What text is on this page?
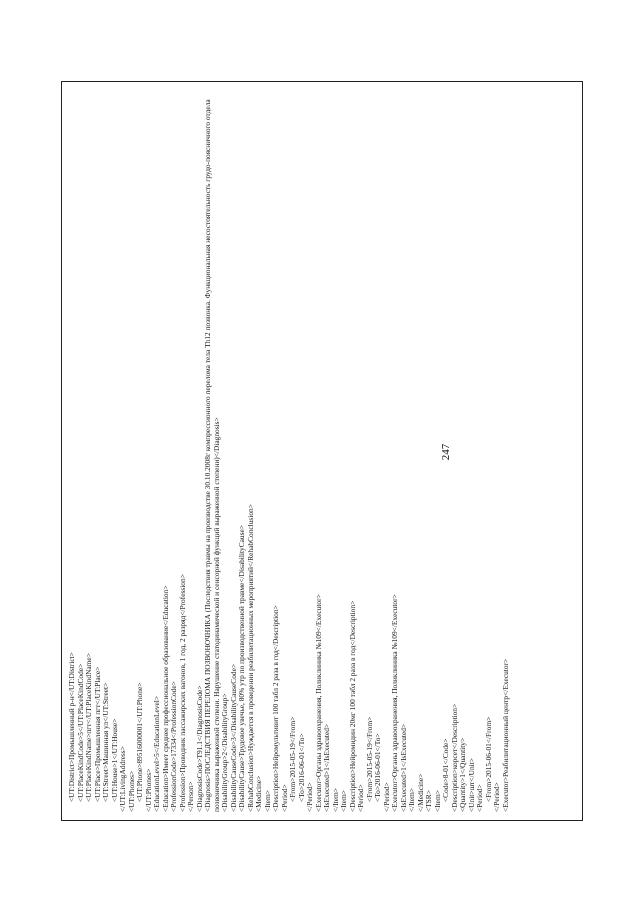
247
<UT:District>Промышленный р-н</UT:District> <UT:PlaceKindCode>5</UT:PlaceKindCode> <UT:PlaceKindName>пгт</UT:PlaceKindName> <UT:Place>Промышленная пгт</UT:Place> <UT:Street>Машинная ул</UT:Street> <UT:House>1</UT:House> </UT:LivingAddress> <UT:Phones> <UT:Phone>89516000001</UT:Phone> </UT:Phones> <EducationLevel>5</EducationLevel> <Education>Имеет среднее профессиональное образование</Education> <ProfessionCode>17334</ProfessionCode> <Profession>Проводник пассажирских вагонов, 1 год, 2 разряд</Profession> </Person> <DiagnosisCode>T91.1</DiagnosisCode> <Diagnosis>ПОСЛЕДСТВИЯ ПЕРЕЛОМА ПОЗВОНОЧНИКА (Последствия травмы на производстве 30.10.2008г компрессионного перелома тела Th12 позвонка. Функциональная несостоятельность грудо-поясничного отдела позвоночника выраженной степени. Нарушение статодинамической и сенсорной функций выраженной степени)</Diagnosis> <DisabilityGroup>2</DisabilityGroup> <DisabilityCauseCode>3</DisabilityCauseCode> <DisabilityCause>Трудовое увечье, 80% утр по производственной травме</DisabilityCause> <RehabConclusion>Нуждается в проведении реабилитационных мероприятий</RehabConclusion> <Medicine> <Item> <Description>Нейромультивит 100 табл 2 раза в год</Description> <Period> <From>2015-05-19</From> <To>2016-06-01</To> </Period> <Executor>Органы здравоохранения, Поликлиника №109</Executor> <IsExecuted>1</IsExecuted> </Item> <Item> <Description>Нейромидин 20мг 100 табл 2 раза в год</Description> <Period> <From>2015-05-19</From> <To>2016-06-01</To> </Period> <Executor>Органы здравоохранения, Поликлиника №109</Executor> <IsExecuted>1</IsExecuted> </Item> </Medicine> <TSR> <Item> <Code>8-01</Code> <Description>корсет</Description> <Quantity>1</Quantity> <Unit>шт</Unit> <Period> <From>2015-06-01</From> </Period> <Executor>Реабилитационный центр</Executor>
